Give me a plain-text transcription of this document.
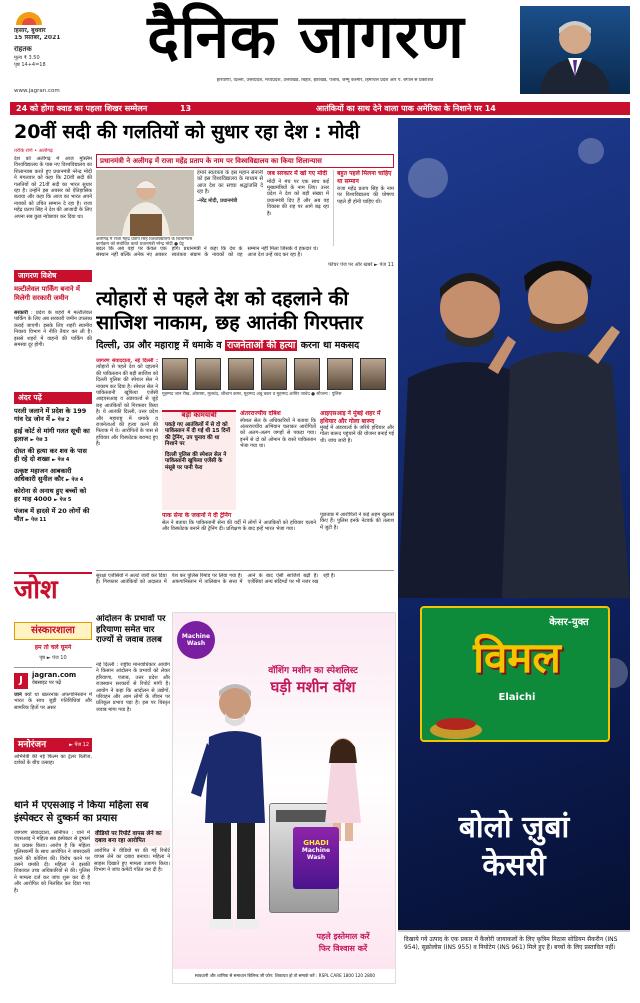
हिसार, बुधवार
15 सितंबर, 2021
रोहतक
मूल्य ₹ 3.50
पृष्ठ 14+4=18	दैनिक जागरण
हरियाणा, दिल्ली, उत्तरप्रदेश, मध्यप्रदेश, उत्तराखंड, बिहार, झारखंड, पंजाब, जम्मू कश्मीर, हिमाचल प्रदेश और प. बंगाल से प्रकाशित
www.jagran.com
24 को होगा क्वाड का पहला शिखर सम्मेलन	13	आतंकियों का साथ देने वाला पाक अमेरिका के निशाने पर 14
20वीं सदी की गलतियों को सुधार रहा देश : मोदी
तरीके राणे • अलीगढ़
देश को अलीगढ़ में आज मुस्लिम विश्वविद्यालय के पास नए विश्वविद्यालय का शिलान्यास करते हुए प्रधानमंत्री नरेन्द्र मोदी ने मंगलवार को कहा कि 20वीं सदी की गलतियों को 21वीं सदी का भारत सुधार रहा है। उन्होंने इस अवसर को ऐतिहासिक बताया और कहा कि आज का भारत अपने नायकों को उचित सम्मान दे रहा है। राजा महेंद्र प्रताप सिंह ने देश की आजादी के लिए अपना सब कुछ न्योछावर कर दिया था।
प्रधानमंत्री ने अलीगढ़ में राजा महेंद्र प्रताप के नाम पर विश्वविद्यालय का किया शिलान्यास
अलीगढ़ में राजा महेंद्र प्रताप सिंह विश्वविद्यालय के शिलान्यास कार्यक्रम को संबोधित करते प्रधानमंत्री नरेन्द्र मोदी ● प्रेट्र
हमारे स्वतंत्रता के इस महान सेनानी को इस विश्वविद्यालय के माध्यम से आज देश का सच्चा श्रद्धांजलि दे रहा है।
-नरेंद्र मोदी, प्रधानमंत्री
जब सरकार में खो गए मोदी
मोदी ने मंच पर एक साथ कई मुख्यमंत्रियों के नाम लिए। उत्तर प्रदेश ने देश को बड़ी संख्या में प्रधानमंत्री दिए हैं और अब वह विकास की राह पर आगे बढ़ रहा है।
बहुत पहले मिलना चाहिए था सम्मान
राजा महेंद्र प्रताप सिंह के नाम पर विश्वविद्यालय की घोषणा पहले ही होनी चाहिए थी।
बदल कि अब वहां पर केवल एक संस्थान नहीं बल्कि अनेक नए अवसर होंगे। प्रधानमंत्री ने कहा कि देश के स्वतंत्रता संग्राम के नायकों को वह सम्मान नहीं मिला जिसके वे हकदार थे। आज देश उन्हें याद कर रहा है।
फीचर पेज पर और खबरें ► पेज 11
जागरण विशेष
मल्टीलेवल पार्किंग बनाने में मिलेगी सरकारी जमीन
सरकारी : प्रदेश के शहरों में मल्टीलेवल पार्किंग के लिए अब सरकारी जमीन उपलब्ध कराई जाएगी। इसके लिए शहरी स्थानीय निकाय विभाग ने नीति तैयार कर ली है। इससे शहरों में वाहनों की पार्किंग की समस्या दूर होगी।
अंदर पढ़ें
परली जलाने में प्रदेश के 199 गांव रेड जोन में ► पेज 2
हाई कोर्ट से मांगी गलत सूची का इलाज ► पेज 3
दोस्त की हत्या कर शव के पास ही रहे दो शख्स ► पेज 4
उत्कृष्ट महाजन आबकारी अधिकारी सुनील कौर ► पेज 4
कोरोना से अनाथ हुए बच्चों को हर माह 4000 ► पेज 5
पंजाब में हादसे में 20 लोगों की मौत ► पेज 11
जोश
संस्कारशाला
हम तो चले घूमने
पृष्ठ ► पेज 10
J jagran.com
वेबसाइट पर पढ़ें
जाने क्यों था खतरनाक अफगानिस्तान में भारत के साथ जुड़ी गतिविधियां और सामरिक हितों पर असर
मनोरंजन	► पेज 12
अभिनेत्री की नई फिल्म का ट्रेलर रिलीज, दर्शकों के बीच उत्साह।
त्योहारों से पहले देश को दहलाने की
साजिश नाकाम, छह आतंकी गिरफ्तार
दिल्ली, उप्र और महाराष्ट्र में धमाके व राजनेताओं की हत्या करना था मकसद
जागरण संवाददाता, नई दिल्ली : त्योहारों से पहले देश को दहलाने की पाकिस्तान की बड़ी साजिश को दिल्ली पुलिस की स्पेशल सेल ने नाकाम कर दिया है। स्पेशल सेल ने पाकिस्तानी खुफिया एजेंसी आइएसआइ व अंडरवर्ल्ड से जुड़े छह आतंकियों को गिरफ्तार किया है। ये आतंकी दिल्ली, उत्तर प्रदेश और महाराष्ट्र में धमाके व राजनेताओं की हत्या करने की फिराक में थे। आरोपितों के पास से हथियार और विस्फोटक बरामद हुए हैं।
मुहम्मद जान रीख, ओसामा, मूलचंद, जीशान कमर, मुहम्मद अबु बकर व मुहम्मद आमिर जावेद ● सौजन्य : पुलिस
बड़ी कामयाबी
पकड़े गए आतंकियों में से दो को पाकिस्तान में दी गई थी 15 दिनों की ट्रेनिंग, उप चुनाव की था निशाने पर
दिल्ली पुलिस की स्पेशल सेल ने पाकिस्तानी खुफिया एजेंसी के मंसूबे पर पानी फेरा
अंतरराज्यीय दबिश
स्पेशल सेल के अधिकारियों ने बताया कि अंतरराज्यीय अभियान चलाकर आरोपितों को अलग-अलग जगहों से पकड़ा गया। इनमें से दो को ओमान के रास्ते पाकिस्तान भेजा गया था।
आइएसआइ ने मुंबई शहर में हथियार और गोला बारूद
मुंबई में अंडरवर्ल्ड के जरिये हथियार और गोला बारूद पहुंचाने की योजना बनाई गई थी। जांच जारी है।
पाक सेना के जवानों ने दी ट्रेनिंग
सेल ने बताया कि पाकिस्तानी सेना की वर्दी में लोगों ने आतंकियों को हथियार चलाने और विस्फोटक बनाने की ट्रेनिंग दी। प्रशिक्षण के बाद इन्हें भारत भेजा गया।
पूछताछ में आरोपितों ने कई अहम खुलासे किए हैं। पुलिस इनके नेटवर्क की तलाश में जुटी है।
सुरक्षा एजेंसियों ने अलर्ट जारी कर दिया है। गिरफ्तार आतंकियों को अदालत में पेश कर पुलिस रिमांड पर लिया गया है। अफगानिस्तान में तालिबान के सत्ता में आने के बाद ऐसी साजिशें बढ़ी हैं। एजेंसियां अन्य संदिग्धों पर भी नजर रख रही हैं।
आंदोलन के प्रभावों पर हरियाणा समेत चार राज्यों से जवाब तलब
नई दिल्ली : राष्ट्रीय मानवाधिकार आयोग ने किसान आंदोलन के प्रभावों को लेकर हरियाणा, पंजाब, उत्तर प्रदेश और राजस्थान सरकारों से रिपोर्ट मांगी है। आयोग ने कहा कि आंदोलन से उद्योगों, परिवहन और आम लोगों के जीवन पर प्रतिकूल प्रभाव पड़ा है। इस पर विस्तृत जवाब मांगा गया है।
थाने में एएसआइ ने किया महिला सब इंस्पेक्टर से दुष्कर्म का प्रयास
जागरण संवाददाता, सोनीपत : थाने में एएसआइ ने महिला सब इंस्पेक्टर से दुष्कर्म का प्रयास किया। आरोप है कि महिला पुलिसकर्मी के साथ आरोपित ने जबरदस्ती करने की कोशिश की। विरोध करने पर उसने धमकी दी। महिला ने इसकी शिकायत उच्च अधिकारियों से की। पुलिस ने मामला दर्ज कर जांच शुरू कर दी है और आरोपित को निलंबित कर दिया गया है।
वीडियो पर रिपोर्ट वापस लेने का दबाव बना रहा आरोपित
आरोपित ने वीडियो पर की गई रिपोर्ट वापस लेने का दबाव बनाया। महिला ने साहस दिखाते हुए मामला उजागर किया। विभाग ने जांच कमेटी गठित कर दी है।
Machine Wash
वॉशिंग मशीन का स्पेशलिस्ट
घड़ी मशीन वॉश
GHADI
Machine Wash
पहले इस्तेमाल करें
फिर विश्वास करें
सावधानी और शाणिक से समाधान बिलिन्ड जी फोन: शिकायत हो तो सम्पर्क करें : RSPL CARE 1800 120 2800
केसर-युक्त
विमल
Elaichi
बोलो ज़ुबां
केसरी
दिखाये गये उत्पाद के एक प्रकार में कैलोरी जायाकलों के लिए कृत्रिम मिठास सोडियम सैकरीन (INS 954), सुक्रोलोस (INS 955) व नियोटेम (INS 961) मिले हुए हैं। बच्चों के लिए प्रस्तावित नहीं।
